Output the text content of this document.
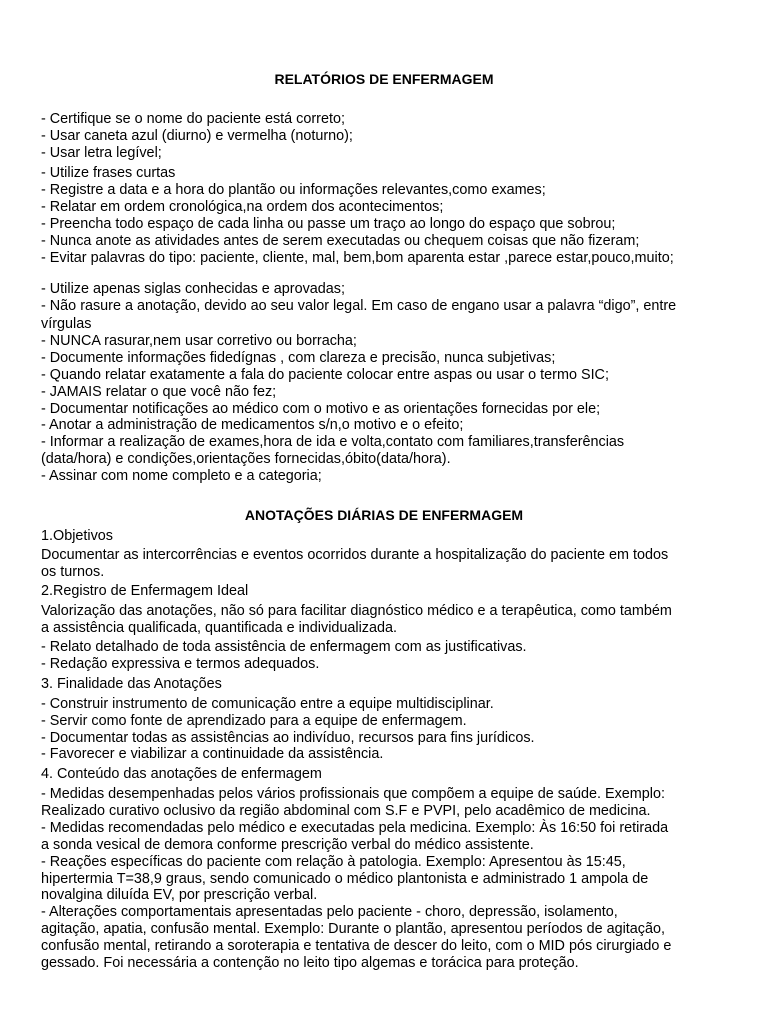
RELATÓRIOS DE ENFERMAGEM
- Certifique se o nome do paciente está correto;
- Usar caneta azul (diurno) e vermelha (noturno);
- Usar letra legível;
- Utilize frases curtas
- Registre a data e a hora do plantão ou informações relevantes,como exames;
- Relatar em ordem cronológica,na ordem dos acontecimentos;
- Preencha todo espaço de cada linha ou passe um traço ao longo do espaço que sobrou;
- Nunca anote as atividades antes de serem executadas ou chequem coisas que não fizeram;
- Evitar palavras do tipo: paciente, cliente, mal, bem,bom aparenta estar ,parece estar,pouco,muito;
- Utilize apenas siglas conhecidas e aprovadas;
- Não rasure a anotação, devido ao seu valor legal. Em caso de engano usar a palavra “digo”, entre
vírgulas
- NUNCA rasurar,nem usar corretivo ou borracha;
- Documente informações fidedígnas , com clareza e precisão, nunca subjetivas;
- Quando relatar exatamente a fala do paciente colocar entre aspas ou usar o termo SIC;
- JAMAIS relatar o que você não fez;
- Documentar notificações ao médico com o motivo e as orientações fornecidas por ele;
- Anotar a administração de medicamentos s/n,o motivo e o efeito;
- Informar a realização de exames,hora de ida e volta,contato com familiares,transferências
(data/hora) e condições,orientações fornecidas,óbito(data/hora).
- Assinar com nome completo e a categoria;
ANOTAÇÕES DIÁRIAS DE ENFERMAGEM
1.Objetivos
Documentar as intercorrências e eventos ocorridos durante a hospitalização do paciente em todos
os turnos.
2.Registro de Enfermagem Ideal
Valorização das anotações, não só para facilitar diagnóstico médico e a terapêutica, como também
a assistência qualificada, quantificada e individualizada.
- Relato detalhado de toda assistência de enfermagem com as justificativas.
- Redação expressiva e termos adequados.
3. Finalidade das Anotações
- Construir instrumento de comunicação entre a equipe multidisciplinar.
- Servir como fonte de aprendizado para a equipe de enfermagem.
- Documentar todas as assistências ao indivíduo, recursos para fins jurídicos.
- Favorecer e viabilizar a continuidade da assistência.
4. Conteúdo das anotações de enfermagem
- Medidas desempenhadas pelos vários profissionais que compõem a equipe de saúde. Exemplo:
Realizado curativo oclusivo da região abdominal com S.F e PVPI, pelo acadêmico de medicina.
- Medidas recomendadas pelo médico e executadas pela medicina. Exemplo: Às 16:50 foi retirada
a sonda vesical de demora conforme prescrição verbal do médico assistente.
- Reações específicas do paciente com relação à patologia. Exemplo: Apresentou às 15:45,
hipertermia T=38,9 graus, sendo comunicado o médico plantonista e administrado 1 ampola de
novalgina diluída EV, por prescrição verbal.
- Alterações comportamentais apresentadas pelo paciente - choro, depressão, isolamento,
agitação, apatia, confusão mental. Exemplo: Durante o plantão, apresentou períodos de agitação,
confusão mental, retirando a soroterapia e tentativa de descer do leito, com o MID pós cirurgiado e
gessado. Foi necessária a contenção no leito tipo algemas e torácica para proteção.
